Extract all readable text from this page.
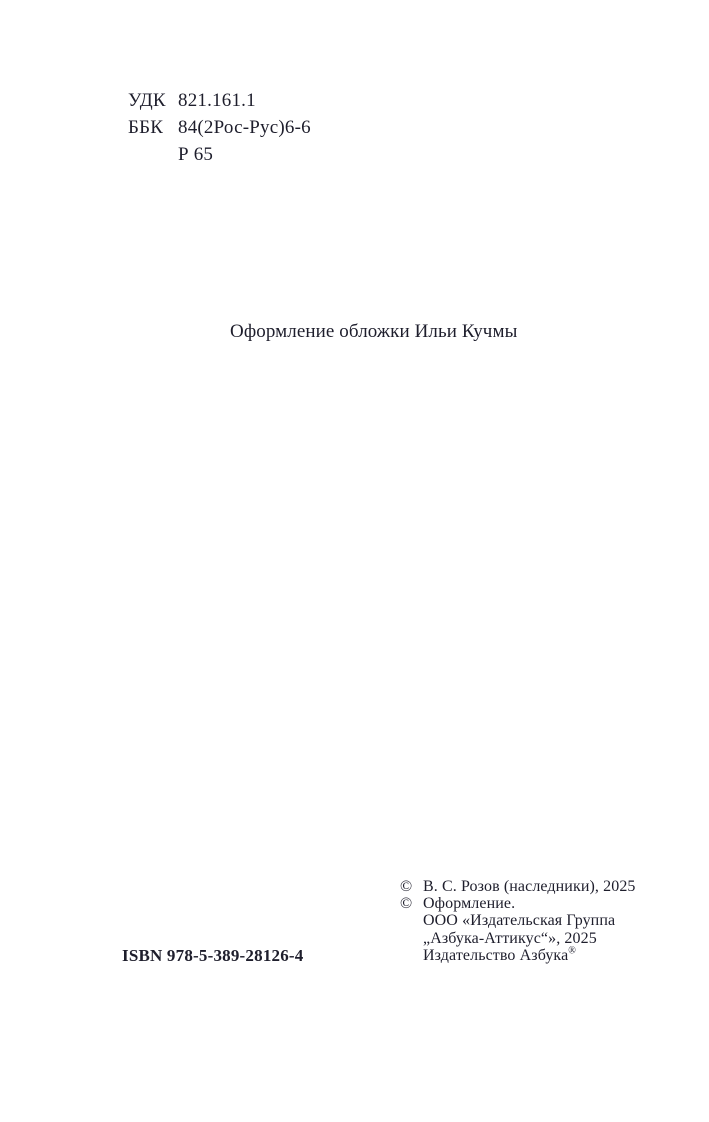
УДК 821.161.1
ББК 84(2Рос-Рус)6-6
Р 65
Оформление обложки Ильи Кучмы
© В. С. Розов (наследники), 2025
© Оформление.
ООО «Издательская Группа
„Азбука-Аттикус“», 2025
Издательство Азбука®
ISBN 978-5-389-28126-4
